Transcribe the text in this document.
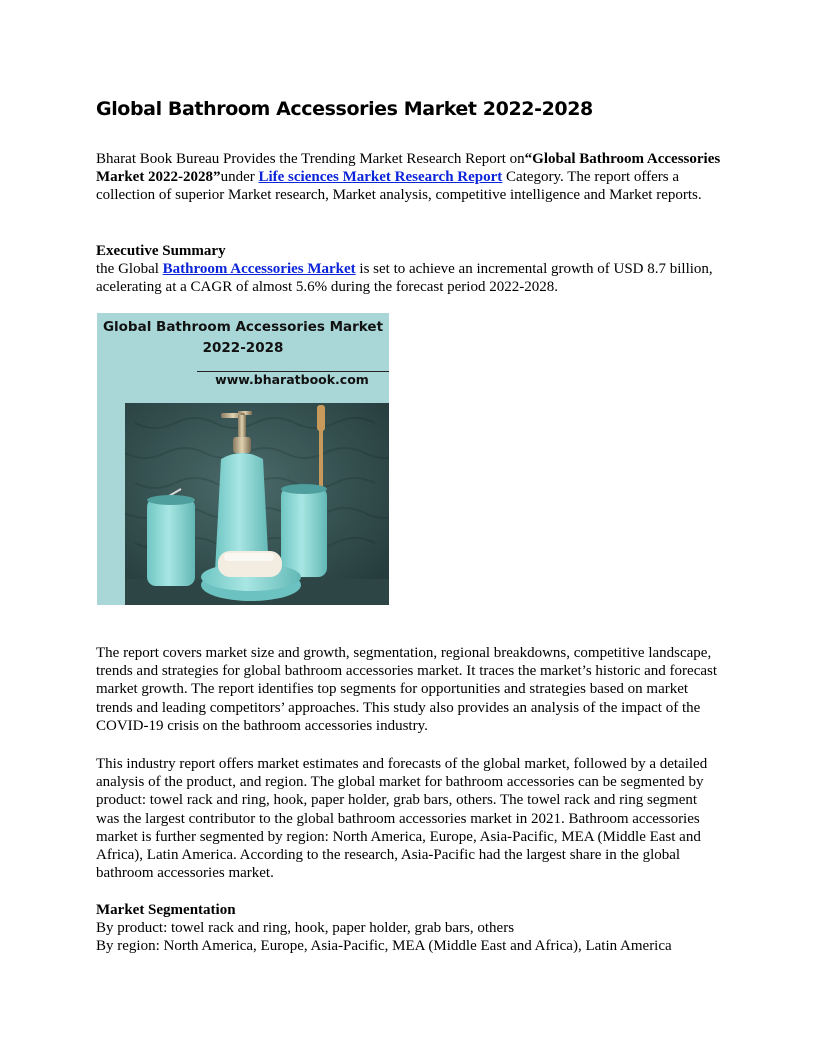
Global Bathroom Accessories Market 2022-2028

Bharat Book Bureau Provides the Trending Market Research Report on“Global Bathroom Accessories Market 2022-2028”under Life sciences Market Research Report Category. The report offers a collection of superior Market research, Market analysis, competitive intelligence and Market reports.

Executive Summary
the Global Bathroom Accessories Market is set to achieve an incremental growth of USD 8.7 billion, acelerating at a CAGR of almost 5.6% during the forecast period 2022-2028.
Global Bathroom Accessories Market
2022-2028
www.bharatbook.com

The report covers market size and growth, segmentation, regional breakdowns, competitive landscape, trends and strategies for global bathroom accessories market. It traces the market’s historic and forecast market growth. The report identifies top segments for opportunities and strategies based on market trends and leading competitors’ approaches. This study also provides an analysis of the impact of the COVID-19 crisis on the bathroom accessories industry.

This industry report offers market estimates and forecasts of the global market, followed by a detailed analysis of the product, and region. The global market for bathroom accessories can be segmented by product: towel rack and ring, hook, paper holder, grab bars, others. The towel rack and ring segment was the largest contributor to the global bathroom accessories market in 2021. Bathroom accessories market is further segmented by region: North America, Europe, Asia-Pacific, MEA (Middle East and Africa), Latin America. According to the research, Asia-Pacific had the largest share in the global bathroom accessories market.

Market Segmentation
By product: towel rack and ring, hook, paper holder, grab bars, others
By region: North America, Europe, Asia-Pacific, MEA (Middle East and Africa), Latin America
